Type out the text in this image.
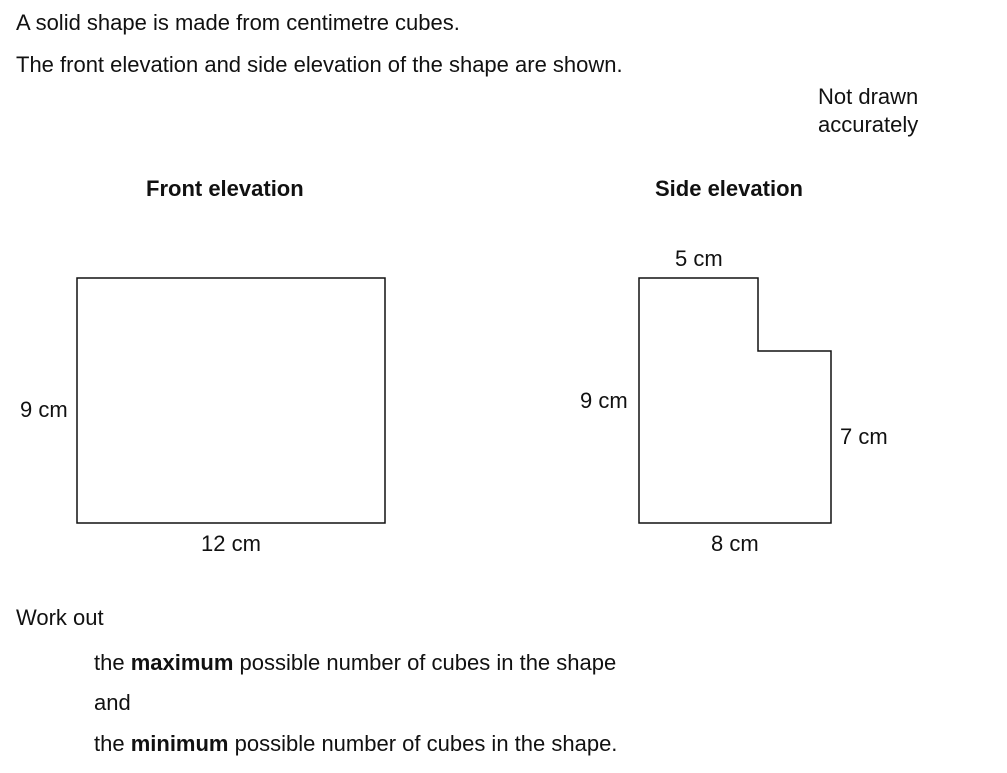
A solid shape is made from centimetre cubes.
The front elevation and side elevation of the shape are shown.
Not drawn
accurately
Front elevation	Side elevation
9 cm
12 cm
5 cm
9 cm
7 cm
8 cm
Work out
the maximum possible number of cubes in the shape
and
the minimum possible number of cubes in the shape.
